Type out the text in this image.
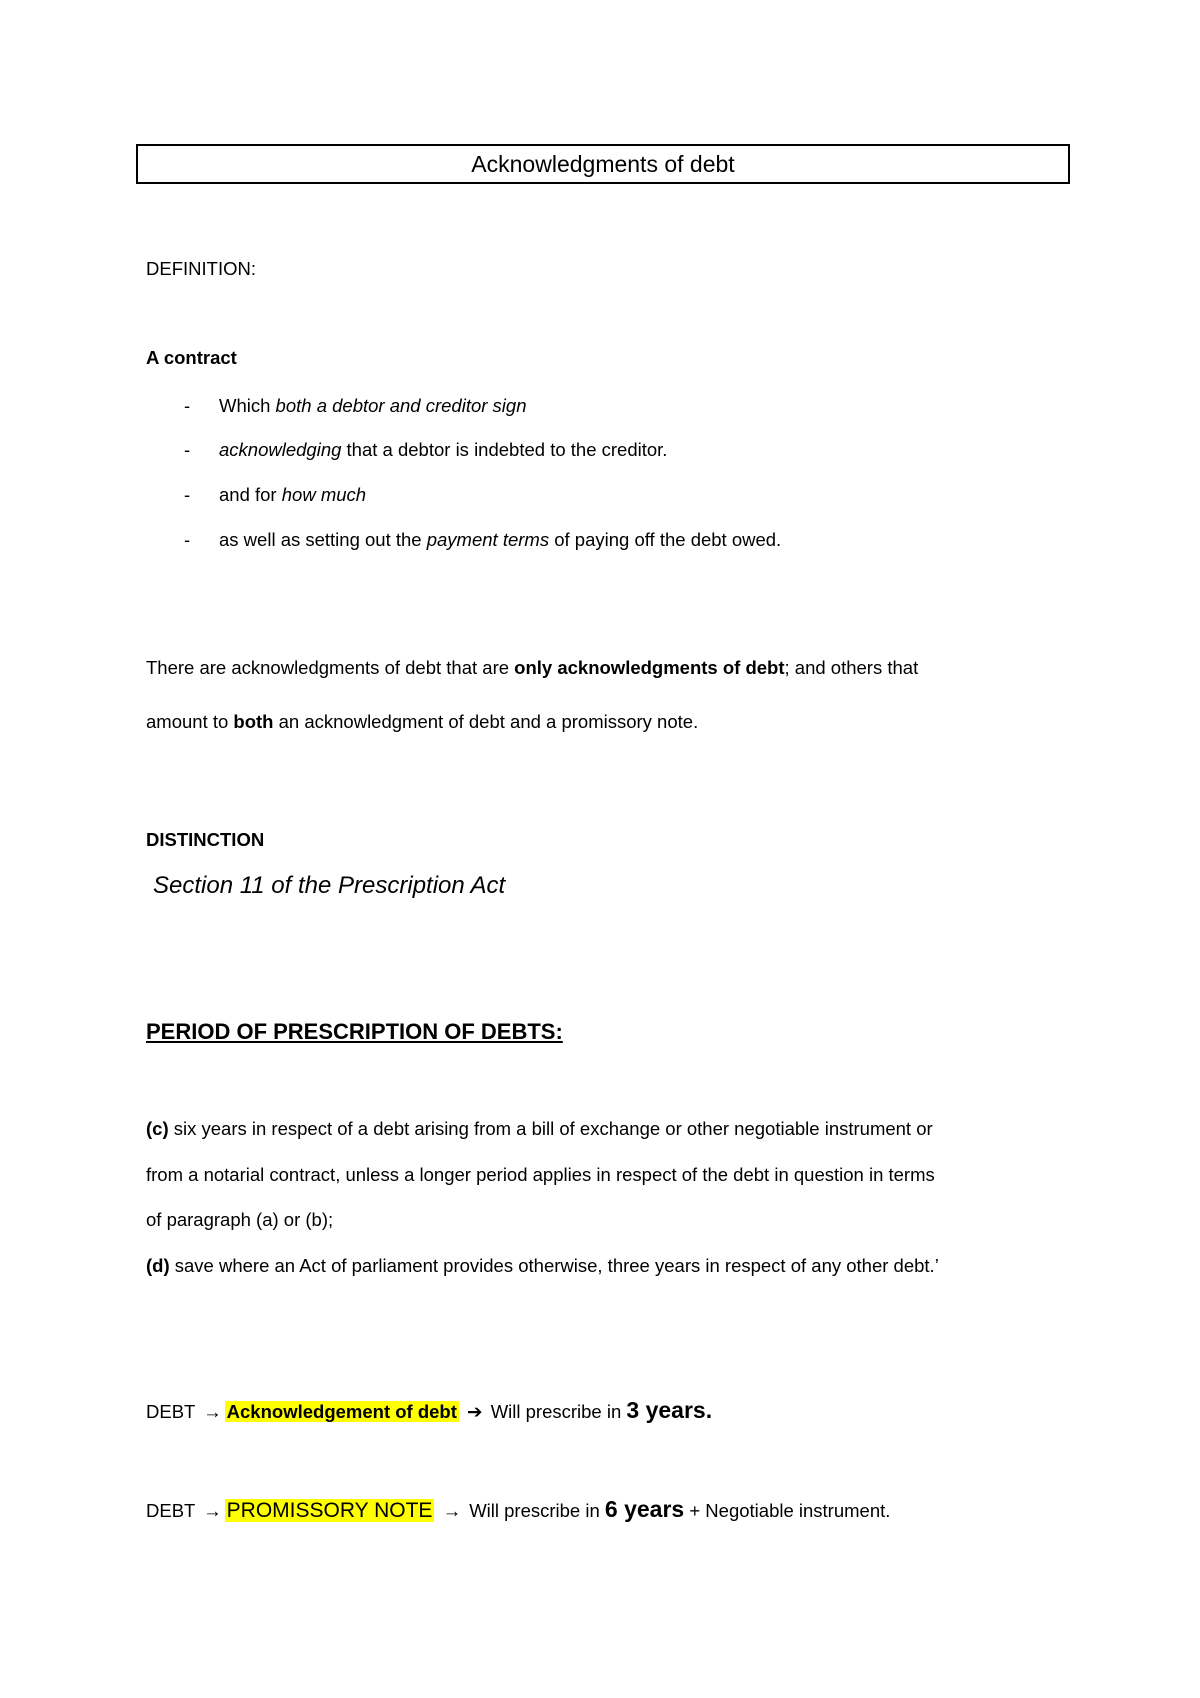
Acknowledgments of debt
DEFINITION:
A contract
- Which both a debtor and creditor sign
- acknowledging that a debtor is indebted to the creditor.
- and for how much
- as well as setting out the payment terms of paying off the debt owed.
There are acknowledgments of debt that are only acknowledgments of debt; and others that
amount to both an acknowledgment of debt and a promissory note.
DISTINCTION
Section 11 of the Prescription Act
PERIOD OF PRESCRIPTION OF DEBTS:
(c) six years in respect of a debt arising from a bill of exchange or other negotiable instrument or
from a notarial contract, unless a longer period applies in respect of the debt in question in terms
of paragraph (a) or (b);
(d) save where an Act of parliament provides otherwise, three years in respect of any other debt.’
DEBT → Acknowledgement of debt ➔ Will prescribe in 3 years.
DEBT → PROMISSORY NOTE → Will prescribe in 6 years + Negotiable instrument.
